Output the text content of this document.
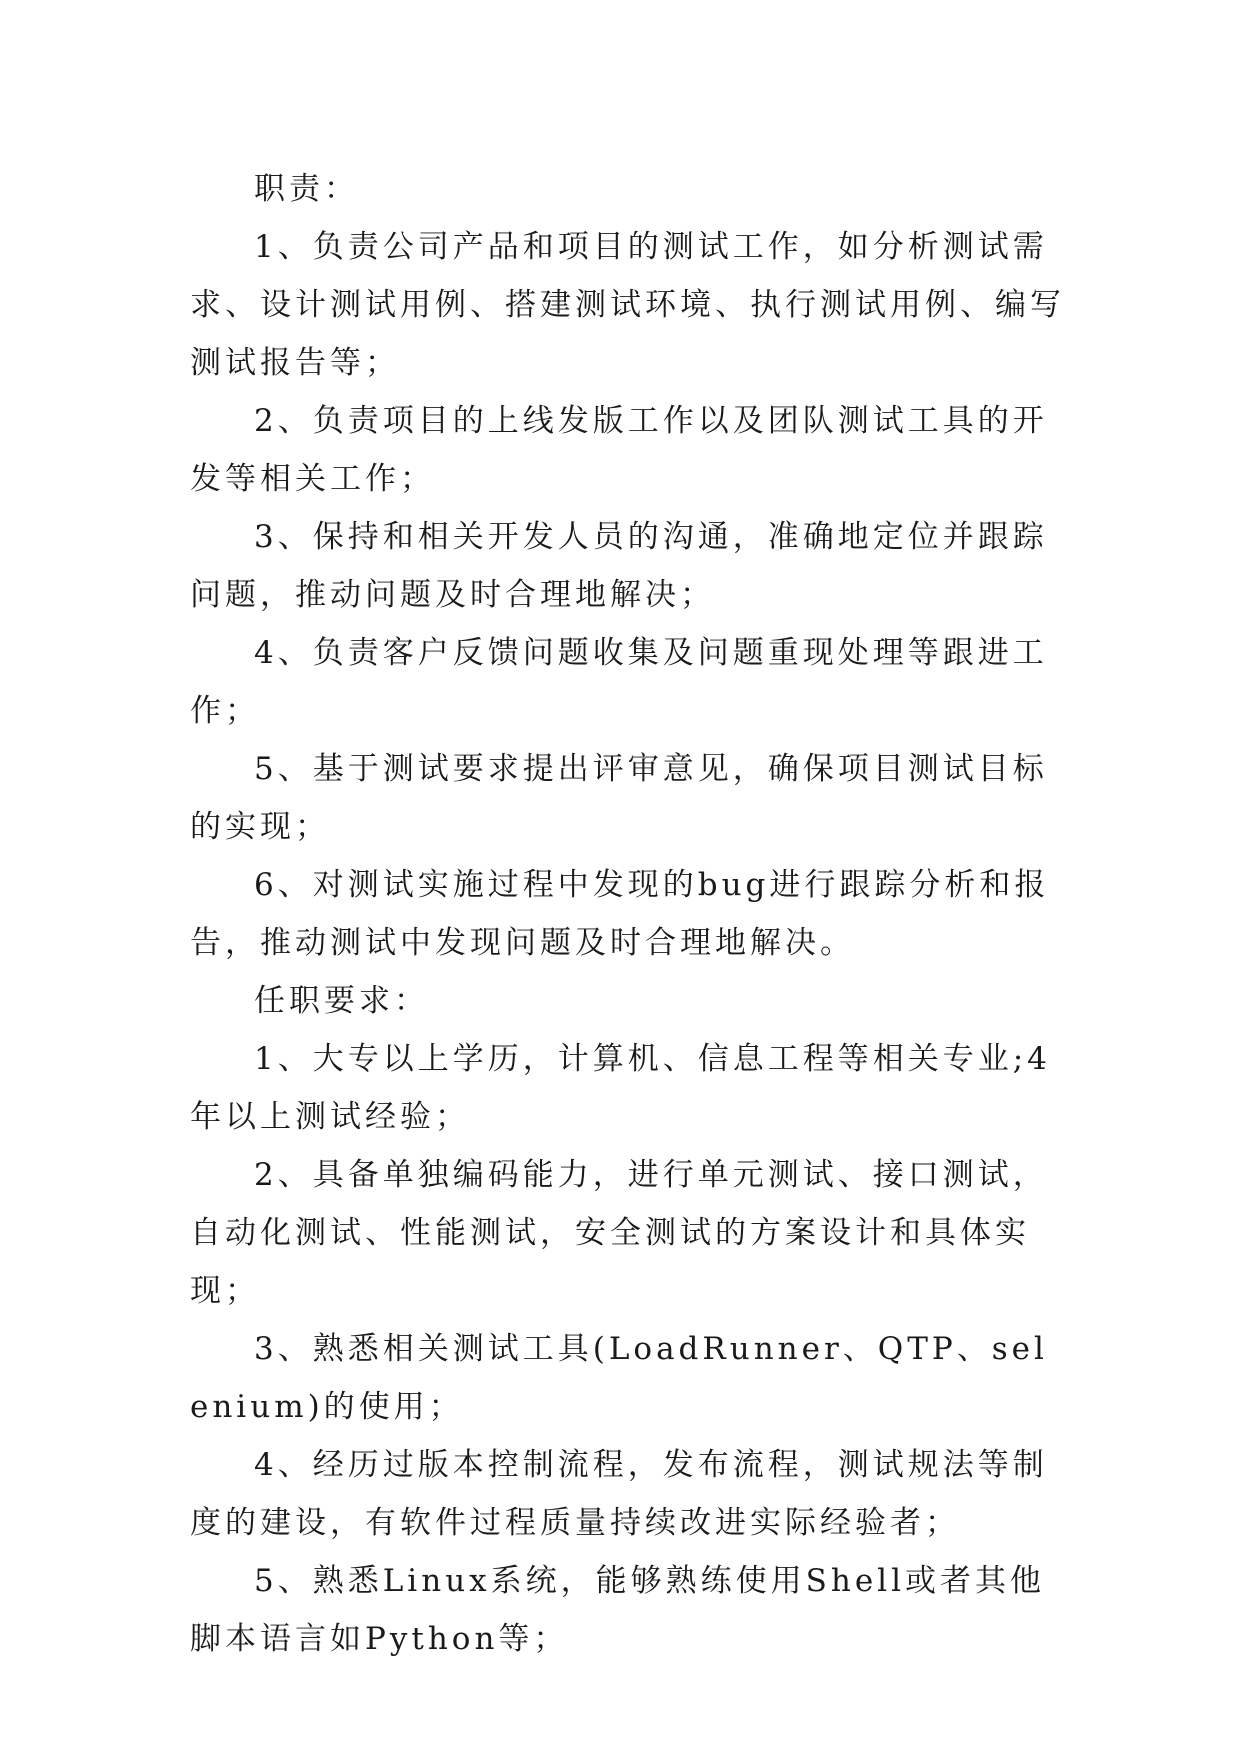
职责：

1、负责公司产品和项目的测试工作，如分析测试需求、设计测试用例、搭建测试环境、执行测试用例、编写测试报告等；

2、负责项目的上线发版工作以及团队测试工具的开发等相关工作；

3、保持和相关开发人员的沟通，准确地定位并跟踪问题，推动问题及时合理地解决；

4、负责客户反馈问题收集及问题重现处理等跟进工作；

5、基于测试要求提出评审意见，确保项目测试目标的实现；

6、对测试实施过程中发现的bug进行跟踪分析和报告，推动测试中发现问题及时合理地解决。

任职要求：

1、大专以上学历，计算机、信息工程等相关专业;4年以上测试经验；

2、具备单独编码能力，进行单元测试、接口测试，自动化测试、性能测试，安全测试的方案设计和具体实现；

3、熟悉相关测试工具(LoadRunner、QTP、selenium)的使用；

4、经历过版本控制流程，发布流程，测试规法等制度的建设，有软件过程质量持续改进实际经验者；

5、熟悉Linux系统，能够熟练使用Shell或者其他脚本语言如Python等；
